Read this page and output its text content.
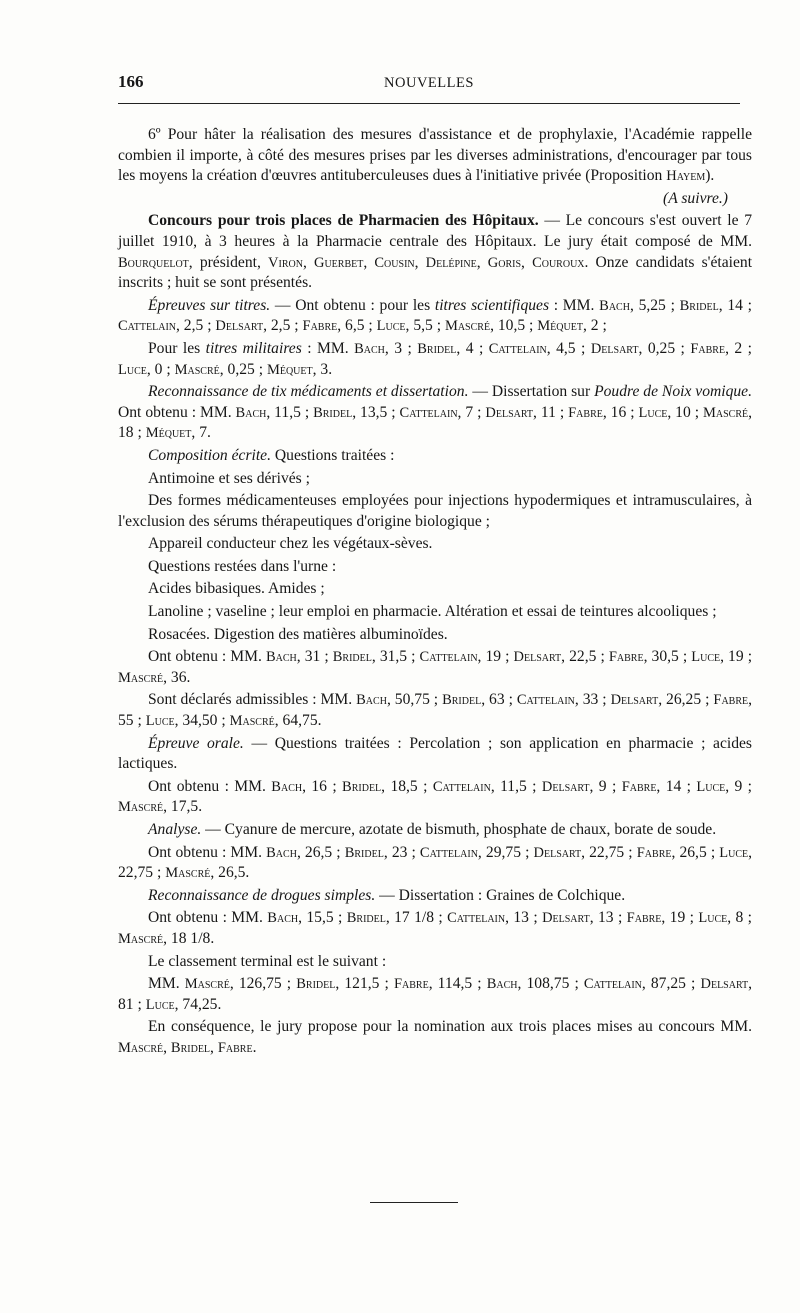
166	NOUVELLES

6º Pour hâter la réalisation des mesures d'assistance et de prophylaxie, l'Académie rappelle combien il importe, à côté des mesures prises par les diverses administrations, d'encourager par tous les moyens la création d'œuvres antituberculeuses dues à l'initiative privée (Proposition Hayem).

(A suivre.)

Concours pour trois places de Pharmacien des Hôpitaux. — Le concours s'est ouvert le 7 juillet 1910, à 3 heures à la Pharmacie centrale des Hôpitaux. Le jury était composé de MM. Bourquelot, président, Viron, Guerbet, Cousin, Delépine, Goris, Couroux. Onze candidats s'étaient inscrits ; huit se sont présentés.

Épreuves sur titres. — Ont obtenu : pour les titres scientifiques : MM. Bach, 5,25 ; Bridel, 14 ; Cattelain, 2,5 ; Delsart, 2,5 ; Fabre, 6,5 ; Luce, 5,5 ; Mascré, 10,5 ; Méquet, 2 ;

Pour les titres militaires : MM. Bach, 3 ; Bridel, 4 ; Cattelain, 4,5 ; Delsart, 0,25 ; Fabre, 2 ; Luce, 0 ; Mascré, 0,25 ; Méquet, 3.

Reconnaissance de tix médicaments et dissertation. — Dissertation sur Poudre de Noix vomique. Ont obtenu : MM. Bach, 11,5 ; Bridel, 13,5 ; Cattelain, 7 ; Delsart, 11 ; Fabre, 16 ; Luce, 10 ; Mascré, 18 ; Méquet, 7.

Composition écrite. Questions traitées :

Antimoine et ses dérivés ;

Des formes médicamenteuses employées pour injections hypodermiques et intramusculaires, à l'exclusion des sérums thérapeutiques d'origine biologique ;

Appareil conducteur chez les végétaux-sèves.

Questions restées dans l'urne :

Acides bibasiques. Amides ;

Lanoline ; vaseline ; leur emploi en pharmacie. Altération et essai de teintures alcooliques ;

Rosacées. Digestion des matières albuminoïdes.

Ont obtenu : MM. Bach, 31 ; Bridel, 31,5 ; Cattelain, 19 ; Delsart, 22,5 ; Fabre, 30,5 ; Luce, 19 ; Mascré, 36.

Sont déclarés admissibles : MM. Bach, 50,75 ; Bridel, 63 ; Cattelain, 33 ; Delsart, 26,25 ; Fabre, 55 ; Luce, 34,50 ; Mascré, 64,75.

Épreuve orale. — Questions traitées : Percolation ; son application en pharmacie ; acides lactiques.

Ont obtenu : MM. Bach, 16 ; Bridel, 18,5 ; Cattelain, 11,5 ; Delsart, 9 ; Fabre, 14 ; Luce, 9 ; Mascré, 17,5.

Analyse. — Cyanure de mercure, azotate de bismuth, phosphate de chaux, borate de soude.

Ont obtenu : MM. Bach, 26,5 ; Bridel, 23 ; Cattelain, 29,75 ; Delsart, 22,75 ; Fabre, 26,5 ; Luce, 22,75 ; Mascré, 26,5.

Reconnaissance de drogues simples. — Dissertation : Graines de Colchique.

Ont obtenu : MM. Bach, 15,5 ; Bridel, 17 1/8 ; Cattelain, 13 ; Delsart, 13 ; Fabre, 19 ; Luce, 8 ; Mascré, 18 1/8.

Le classement terminal est le suivant :

MM. Mascré, 126,75 ; Bridel, 121,5 ; Fabre, 114,5 ; Bach, 108,75 ; Cattelain, 87,25 ; Delsart, 81 ; Luce, 74,25.

En conséquence, le jury propose pour la nomination aux trois places mises au concours MM. Mascré, Bridel, Fabre.
